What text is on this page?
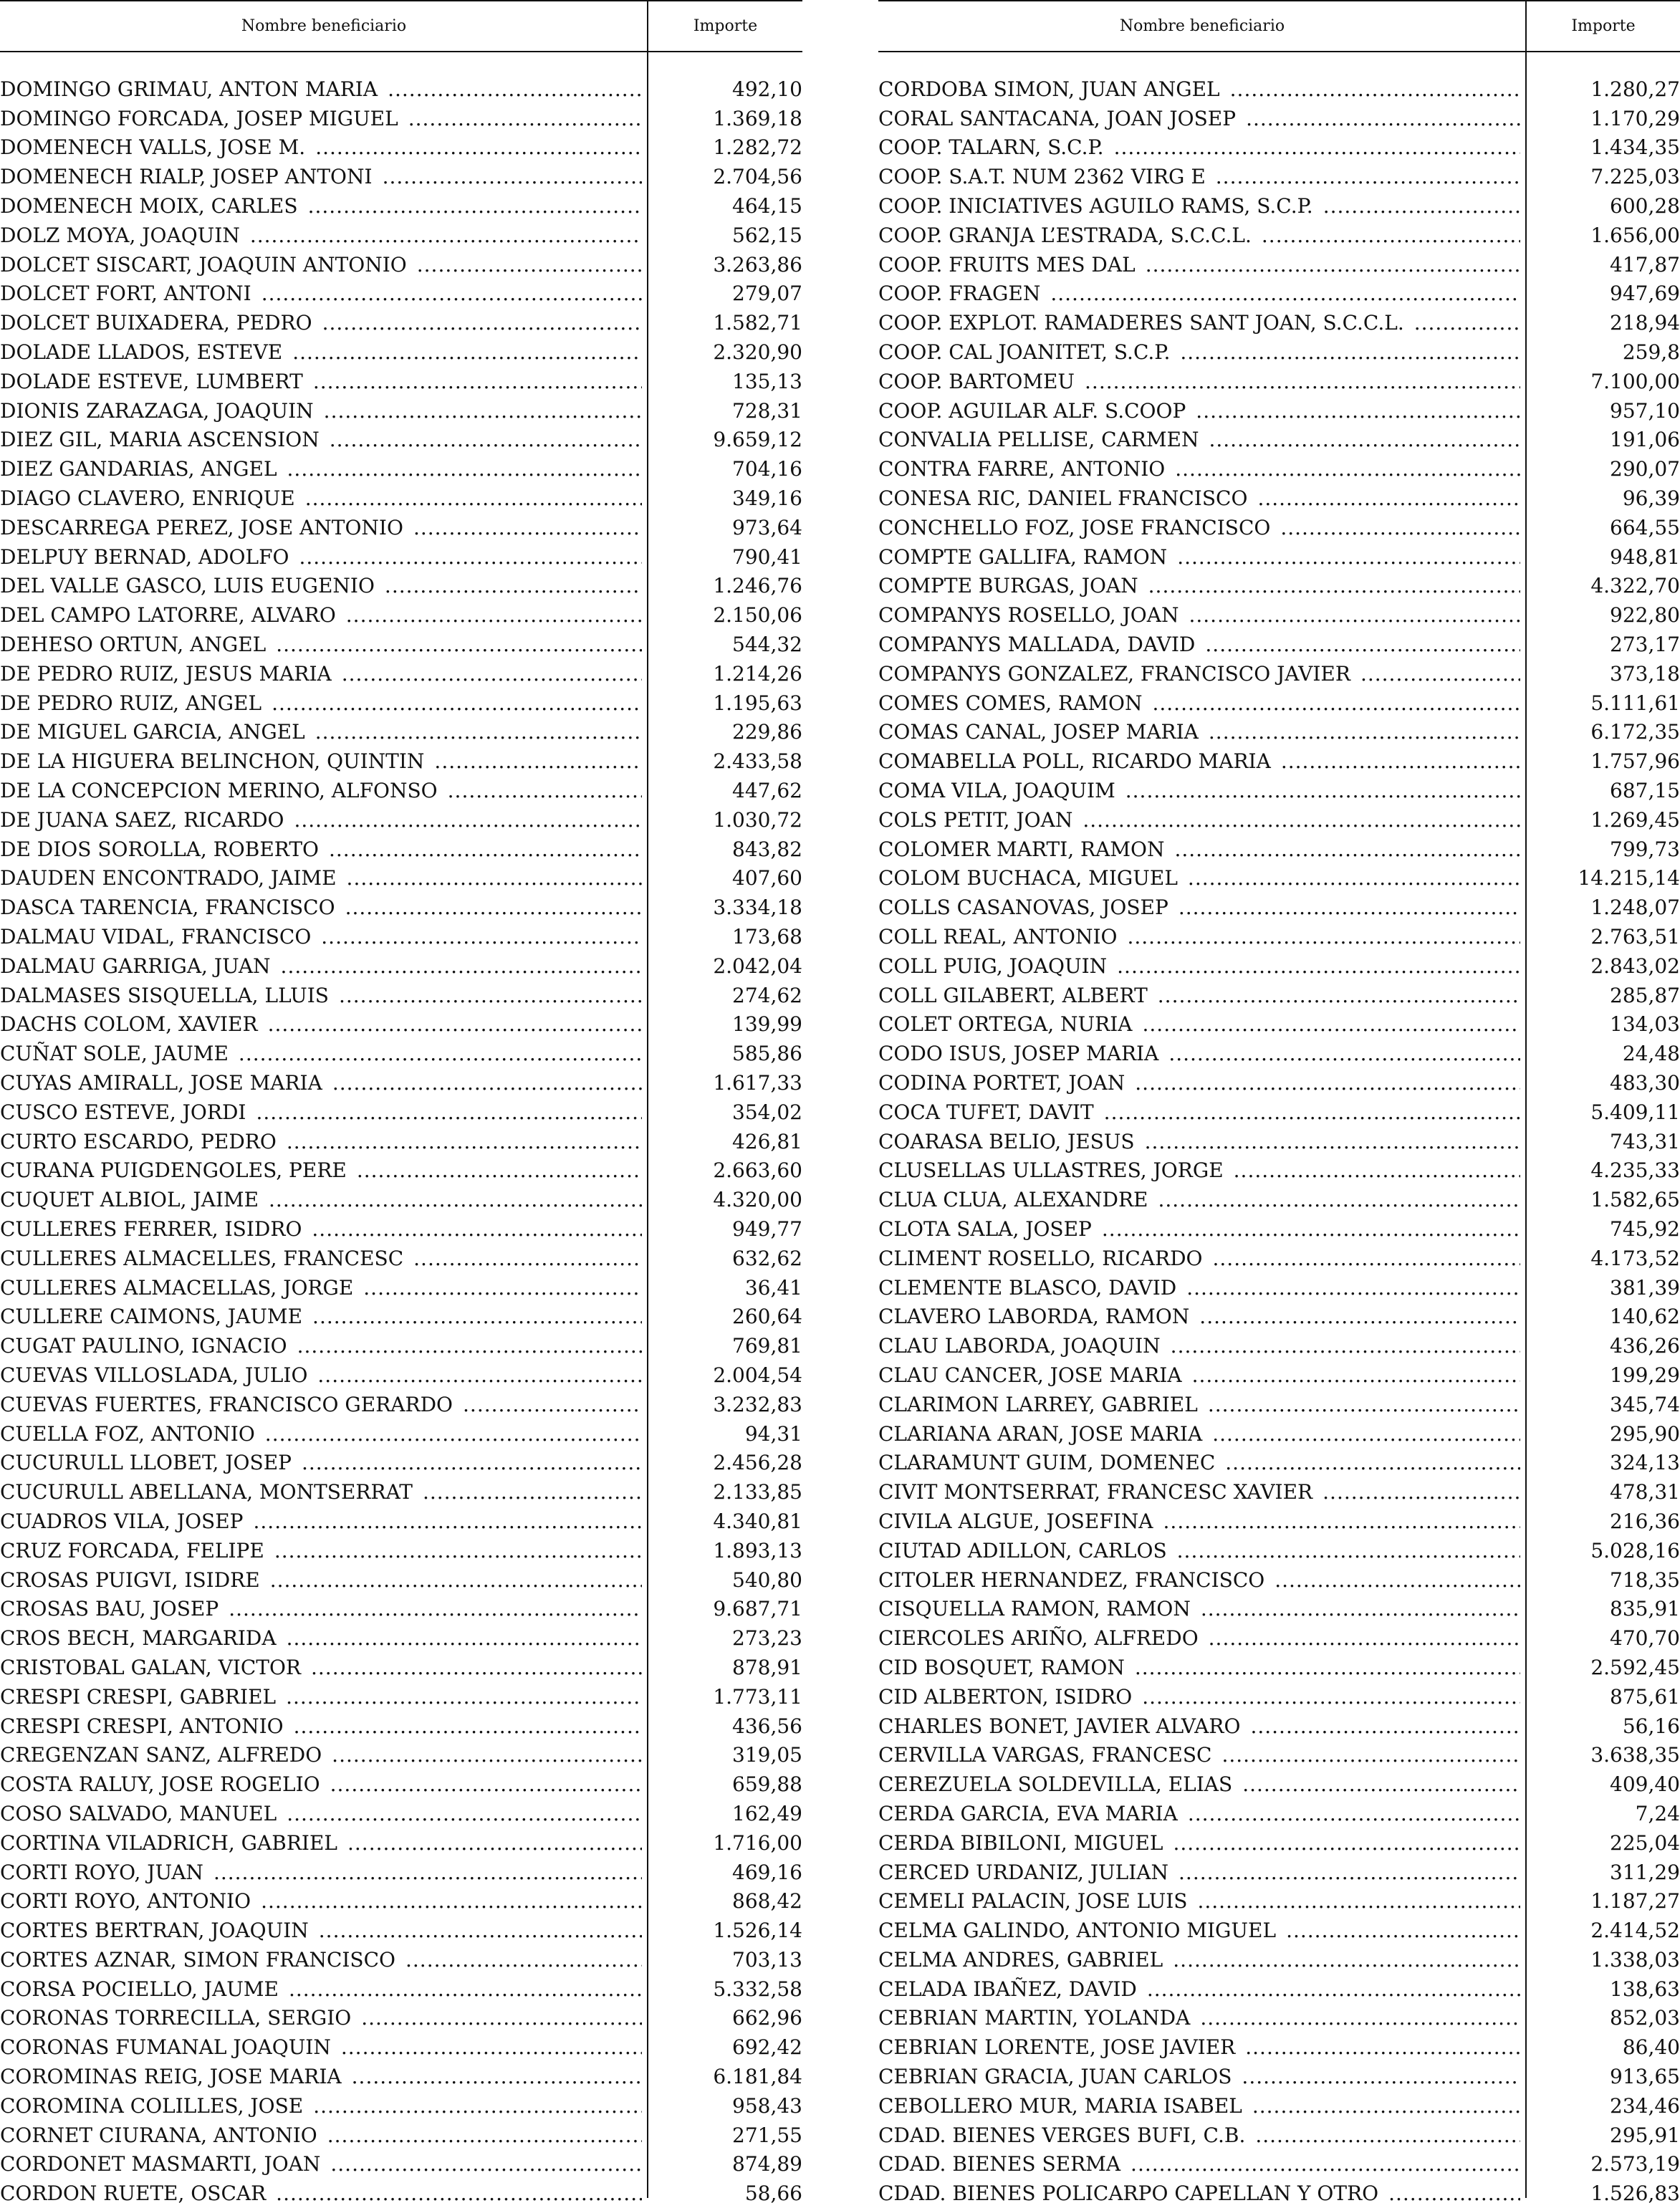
Nombre beneficiario	Importe
DOMINGO GRIMAU, ANTON MARIA .....	492,10
DOMINGO FORCADA, JOSEP MIGUEL .....	1.369,18
DOMENECH VALLS, JOSE M. .....	1.282,72
DOMENECH RIALP, JOSEP ANTONI .....	2.704,56
DOMENECH MOIX, CARLES .....	464,15
DOLZ MOYA, JOAQUIN .....	562,15
DOLCET SISCART, JOAQUIN ANTONIO .....	3.263,86
DOLCET FORT, ANTONI .....	279,07
DOLCET BUIXADERA, PEDRO .....	1.582,71
DOLADE LLADOS, ESTEVE .....	2.320,90
DOLADE ESTEVE, LUMBERT .....	135,13
DIONIS ZARAZAGA, JOAQUIN .....	728,31
DIEZ GIL, MARIA ASCENSION .....	9.659,12
DIEZ GANDARIAS, ANGEL .....	704,16
DIAGO CLAVERO, ENRIQUE .....	349,16
DESCARREGA PEREZ, JOSE ANTONIO .....	973,64
DELPUY BERNAD, ADOLFO .....	790,41
DEL VALLE GASCO, LUIS EUGENIO .....	1.246,76
DEL CAMPO LATORRE, ALVARO .....	2.150,06
DEHESO ORTUN, ANGEL .....	544,32
DE PEDRO RUIZ, JESUS MARIA .....	1.214,26
DE PEDRO RUIZ, ANGEL .....	1.195,63
DE MIGUEL GARCIA, ANGEL .....	229,86
DE LA HIGUERA BELINCHON, QUINTIN .....	2.433,58
DE LA CONCEPCION MERINO, ALFONSO .....	447,62
DE JUANA SAEZ, RICARDO .....	1.030,72
DE DIOS SOROLLA, ROBERTO .....	843,82
DAUDEN ENCONTRADO, JAIME .....	407,60
DASCA TARENCIA, FRANCISCO .....	3.334,18
DALMAU VIDAL, FRANCISCO .....	173,68
DALMAU GARRIGA, JUAN .....	2.042,04
DALMASES SISQUELLA, LLUIS .....	274,62
DACHS COLOM, XAVIER .....	139,99
CUÑAT SOLE, JAUME .....	585,86
CUYAS AMIRALL, JOSE MARIA .....	1.617,33
CUSCO ESTEVE, JORDI .....	354,02
CURTO ESCARDO, PEDRO .....	426,81
CURANA PUIGDENGOLES, PERE .....	2.663,60
CUQUET ALBIOL, JAIME .....	4.320,00
CULLERES FERRER, ISIDRO .....	949,77
CULLERES ALMACELLES, FRANCESC .....	632,62
CULLERES ALMACELLAS, JORGE .....	36,41
CULLERE CAIMONS, JAUME .....	260,64
CUGAT PAULINO, IGNACIO .....	769,81
CUEVAS VILLOSLADA, JULIO .....	2.004,54
CUEVAS FUERTES, FRANCISCO GERARDO .....	3.232,83
CUELLA FOZ, ANTONIO .....	94,31
CUCURULL LLOBET, JOSEP .....	2.456,28
CUCURULL ABELLANA, MONTSERRAT .....	2.133,85
CUADROS VILA, JOSEP .....	4.340,81
CRUZ FORCADA, FELIPE .....	1.893,13
CROSAS PUIGVI, ISIDRE .....	540,80
CROSAS BAU, JOSEP .....	9.687,71
CROS BECH, MARGARIDA .....	273,23
CRISTOBAL GALAN, VICTOR .....	878,91
CRESPI CRESPI, GABRIEL .....	1.773,11
CRESPI CRESPI, ANTONIO .....	436,56
CREGENZAN SANZ, ALFREDO .....	319,05
COSTA RALUY, JOSE ROGELIO .....	659,88
COSO SALVADO, MANUEL .....	162,49
CORTINA VILADRICH, GABRIEL .....	1.716,00
CORTI ROYO, JUAN .....	469,16
CORTI ROYO, ANTONIO .....	868,42
CORTES BERTRAN, JOAQUIN .....	1.526,14
CORTES AZNAR, SIMON FRANCISCO .....	703,13
CORSA POCIELLO, JAUME .....	5.332,58
CORONAS TORRECILLA, SERGIO .....	662,96
CORONAS FUMANAL JOAQUIN .....	692,42
COROMINAS REIG, JOSE MARIA .....	6.181,84
COROMINA COLILLES, JOSE .....	958,43
CORNET CIURANA, ANTONIO .....	271,55
CORDONET MASMARTI, JOAN .....	874,89
CORDON RUETE, OSCAR .....	58,66
Nombre beneficiario	Importe
CORDOBA SIMON, JUAN ANGEL .....	1.280,27
CORAL SANTACANA, JOAN JOSEP .....	1.170,29
COOP. TALARN, S.C.P. .....	1.434,35
COOP. S.A.T. NUM 2362 VIRG E .....	7.225,03
COOP. INICIATIVES AGUILO RAMS, S.C.P. .....	600,28
COOP. GRANJA L’ESTRADA, S.C.C.L. .....	1.656,00
COOP. FRUITS MES DAL .....	417,87
COOP. FRAGEN .....	947,69
COOP. EXPLOT. RAMADERES SANT JOAN, S.C.C.L. .....	218,94
COOP. CAL JOANITET, S.C.P. .....	259,8
COOP. BARTOMEU .....	7.100,00
COOP. AGUILAR ALF. S.COOP .....	957,10
CONVALIA PELLISE, CARMEN .....	191,06
CONTRA FARRE, ANTONIO .....	290,07
CONESA RIC, DANIEL FRANCISCO .....	96,39
CONCHELLO FOZ, JOSE FRANCISCO .....	664,55
COMPTE GALLIFA, RAMON .....	948,81
COMPTE BURGAS, JOAN .....	4.322,70
COMPANYS ROSELLO, JOAN .....	922,80
COMPANYS MALLADA, DAVID .....	273,17
COMPANYS GONZALEZ, FRANCISCO JAVIER .....	373,18
COMES COMES, RAMON .....	5.111,61
COMAS CANAL, JOSEP MARIA .....	6.172,35
COMABELLA POLL, RICARDO MARIA .....	1.757,96
COMA VILA, JOAQUIM .....	687,15
COLS PETIT, JOAN .....	1.269,45
COLOMER MARTI, RAMON .....	799,73
COLOM BUCHACA, MIGUEL .....	14.215,14
COLLS CASANOVAS, JOSEP .....	1.248,07
COLL REAL, ANTONIO .....	2.763,51
COLL PUIG, JOAQUIN .....	2.843,02
COLL GILABERT, ALBERT .....	285,87
COLET ORTEGA, NURIA .....	134,03
CODO ISUS, JOSEP MARIA .....	24,48
CODINA PORTET, JOAN .....	483,30
COCA TUFET, DAVIT .....	5.409,11
COARASA BELIO, JESUS .....	743,31
CLUSELLAS ULLASTRES, JORGE .....	4.235,33
CLUA CLUA, ALEXANDRE .....	1.582,65
CLOTA SALA, JOSEP .....	745,92
CLIMENT ROSELLO, RICARDO .....	4.173,52
CLEMENTE BLASCO, DAVID .....	381,39
CLAVERO LABORDA, RAMON .....	140,62
CLAU LABORDA, JOAQUIN .....	436,26
CLAU CANCER, JOSE MARIA .....	199,29
CLARIMON LARREY, GABRIEL .....	345,74
CLARIANA ARAN, JOSE MARIA .....	295,90
CLARAMUNT GUIM, DOMENEC .....	324,13
CIVIT MONTSERRAT, FRANCESC XAVIER .....	478,31
CIVILA ALGUE, JOSEFINA .....	216,36
CIUTAD ADILLON, CARLOS .....	5.028,16
CITOLER HERNANDEZ, FRANCISCO .....	718,35
CISQUELLA RAMON, RAMON .....	835,91
CIERCOLES ARIÑO, ALFREDO .....	470,70
CID BOSQUET, RAMON .....	2.592,45
CID ALBERTON, ISIDRO .....	875,61
CHARLES BONET, JAVIER ALVARO .....	56,16
CERVILLA VARGAS, FRANCESC .....	3.638,35
CEREZUELA SOLDEVILLA, ELIAS .....	409,40
CERDA GARCIA, EVA MARIA .....	7,24
CERDA BIBILONI, MIGUEL .....	225,04
CERCED URDANIZ, JULIAN .....	311,29
CEMELI PALACIN, JOSE LUIS .....	1.187,27
CELMA GALINDO, ANTONIO MIGUEL .....	2.414,52
CELMA ANDRES, GABRIEL .....	1.338,03
CELADA IBAÑEZ, DAVID .....	138,63
CEBRIAN MARTIN, YOLANDA .....	852,03
CEBRIAN LORENTE, JOSE JAVIER .....	86,40
CEBRIAN GRACIA, JUAN CARLOS .....	913,65
CEBOLLERO MUR, MARIA ISABEL .....	234,46
CDAD. BIENES VERGES BUFI, C.B. .....	295,91
CDAD. BIENES SERMA .....	2.573,19
CDAD. BIENES POLICARPO CAPELLAN Y OTRO .....	1.526,83
